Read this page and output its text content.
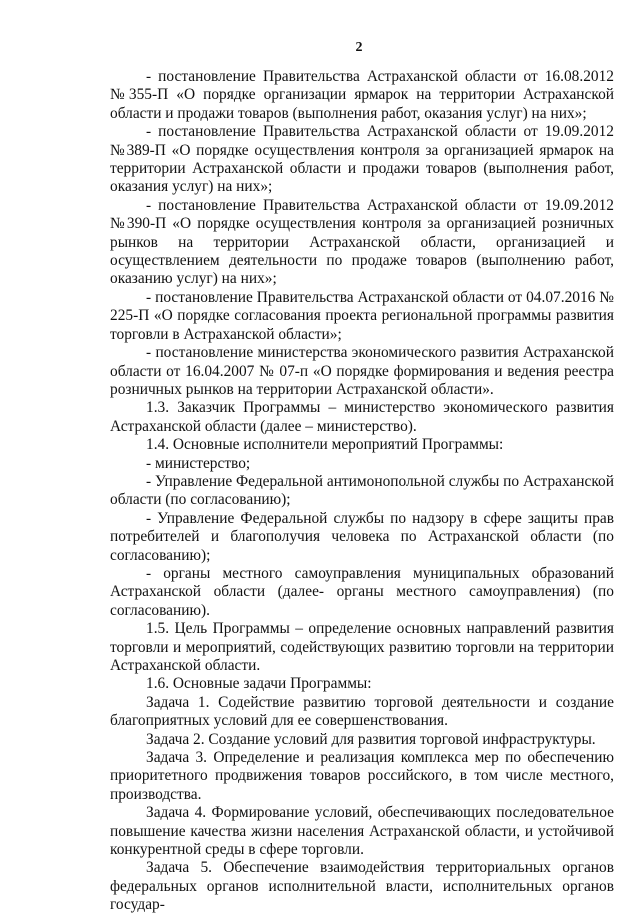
2

- постановление Правительства Астраханской области от 16.08.2012 №355-П «О порядке организации ярмарок на территории Астраханской области и продажи товаров (выполнения работ, оказания услуг) на них»;

- постановление Правительства Астраханской области от 19.09.2012 №389-П «О порядке осуществления контроля за организацией ярмарок на территории Астраханской области и продажи товаров (выполнения работ, оказания услуг) на них»;

- постановление Правительства Астраханской области от 19.09.2012 №390-П «О порядке осуществления контроля за организацией розничных рынков на территории Астраханской области, организацией и осуществлением деятельности по продаже товаров (выполнению работ, оказанию услуг) на них»;

- постановление Правительства Астраханской области от 04.07.2016 № 225-П «О порядке согласования проекта региональной программы развития торговли в Астраханской области»;

- постановление министерства экономического развития Астраханской области от 16.04.2007 № 07-п «О порядке формирования и ведения реестра розничных рынков на территории Астраханской области».

1.3. Заказчик Программы – министерство экономического развития Астраханской области (далее – министерство).

1.4. Основные исполнители мероприятий Программы:

- министерство;

- Управление Федеральной антимонопольной службы по Астраханской области (по согласованию);

- Управление Федеральной службы по надзору в сфере защиты прав потребителей и благополучия человека по Астраханской области (по согласованию);

- органы местного самоуправления муниципальных образований Астраханской области (далее- органы местного самоуправления) (по согласованию).

1.5. Цель Программы – определение основных направлений развития торговли и мероприятий, содействующих развитию торговли на территории Астраханской области.

1.6. Основные задачи Программы:

Задача 1. Содействие развитию торговой деятельности и создание благоприятных условий для ее совершенствования.

Задача 2. Создание условий для развития торговой инфраструктуры.

Задача 3. Определение и реализация комплекса мер по обеспечению приоритетного продвижения товаров российского, в том числе местного, производства.

Задача 4. Формирование условий, обеспечивающих последовательное повышение качества жизни населения Астраханской области, и устойчивой конкурентной среды в сфере торговли.

Задача 5. Обеспечение взаимодействия территориальных органов федеральных органов исполнительной власти, исполнительных органов государ-
